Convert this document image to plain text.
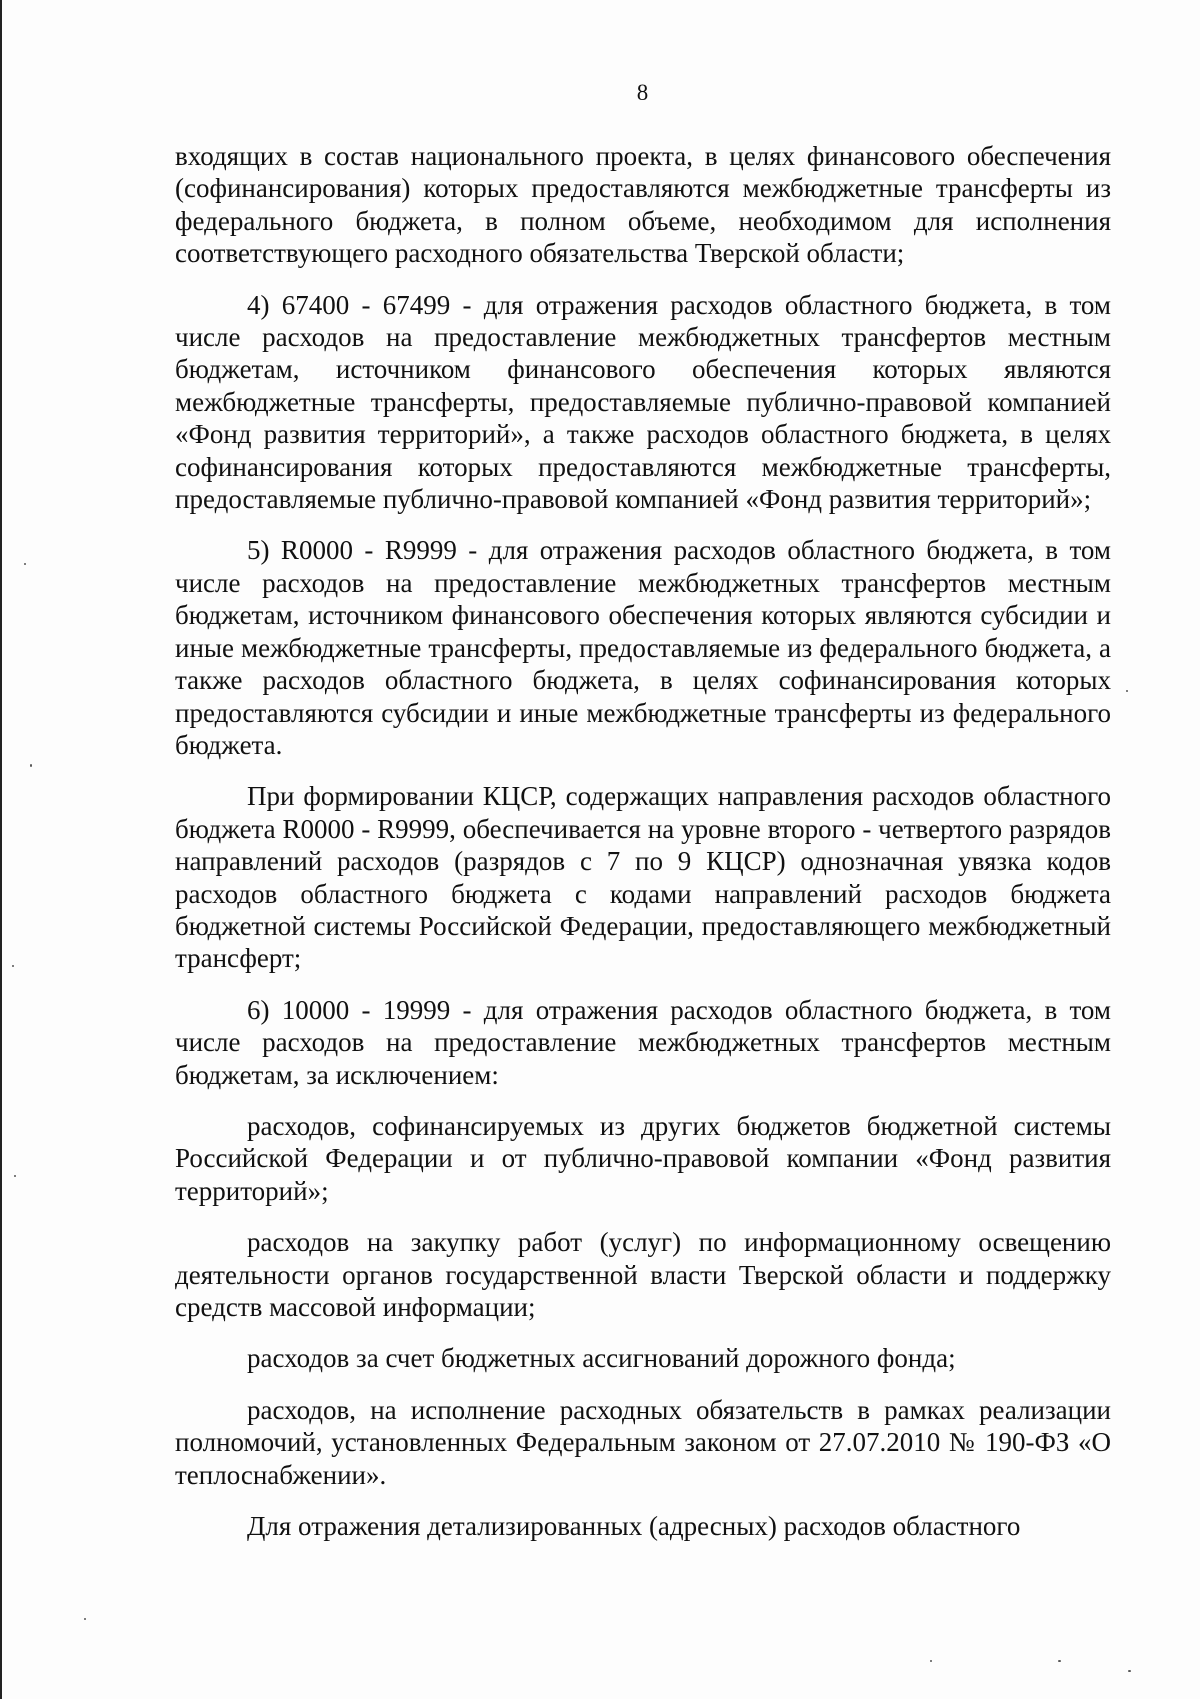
8

входящих в состав национального проекта, в целях финансового обеспечения (софинансирования) которых предоставляются межбюджетные трансферты из федерального бюджета, в полном объеме, необходимом для исполнения соответствующего расходного обязательства Тверской области;

4) 67400 - 67499 - для отражения расходов областного бюджета, в том числе расходов на предоставление межбюджетных трансфертов местным бюджетам, источником финансового обеспечения которых являются межбюджетные трансферты, предоставляемые публично-правовой компанией «Фонд развития территорий», а также расходов областного бюджета, в целях софинансирования которых предоставляются межбюджетные трансферты, предоставляемые публично-правовой компанией «Фонд развития территорий»;

5) R0000 - R9999 - для отражения расходов областного бюджета, в том числе расходов на предоставление межбюджетных трансфертов местным бюджетам, источником финансового обеспечения которых являются субсидии и иные межбюджетные трансферты, предоставляемые из федерального бюджета, а также расходов областного бюджета, в целях софинансирования которых предоставляются субсидии и иные межбюджетные трансферты из федерального бюджета.

При формировании КЦСР, содержащих направления расходов областного бюджета R0000 - R9999, обеспечивается на уровне второго - четвертого разрядов направлений расходов (разрядов с 7 по 9 КЦСР) однозначная увязка кодов расходов областного бюджета с кодами направлений расходов бюджета бюджетной системы Российской Федерации, предоставляющего межбюджетный трансферт;

6) 10000 - 19999 - для отражения расходов областного бюджета, в том числе расходов на предоставление межбюджетных трансфертов местным бюджетам, за исключением:

расходов, софинансируемых из других бюджетов бюджетной системы Российской Федерации и от публично-правовой компании «Фонд развития территорий»;

расходов на закупку работ (услуг) по информационному освещению деятельности органов государственной власти Тверской области и поддержку средств массовой информации;

расходов за счет бюджетных ассигнований дорожного фонда;

расходов, на исполнение расходных обязательств в рамках реализации полномочий, установленных Федеральным законом от 27.07.2010 № 190-ФЗ «О теплоснабжении».

Для отражения детализированных (адресных) расходов областного
